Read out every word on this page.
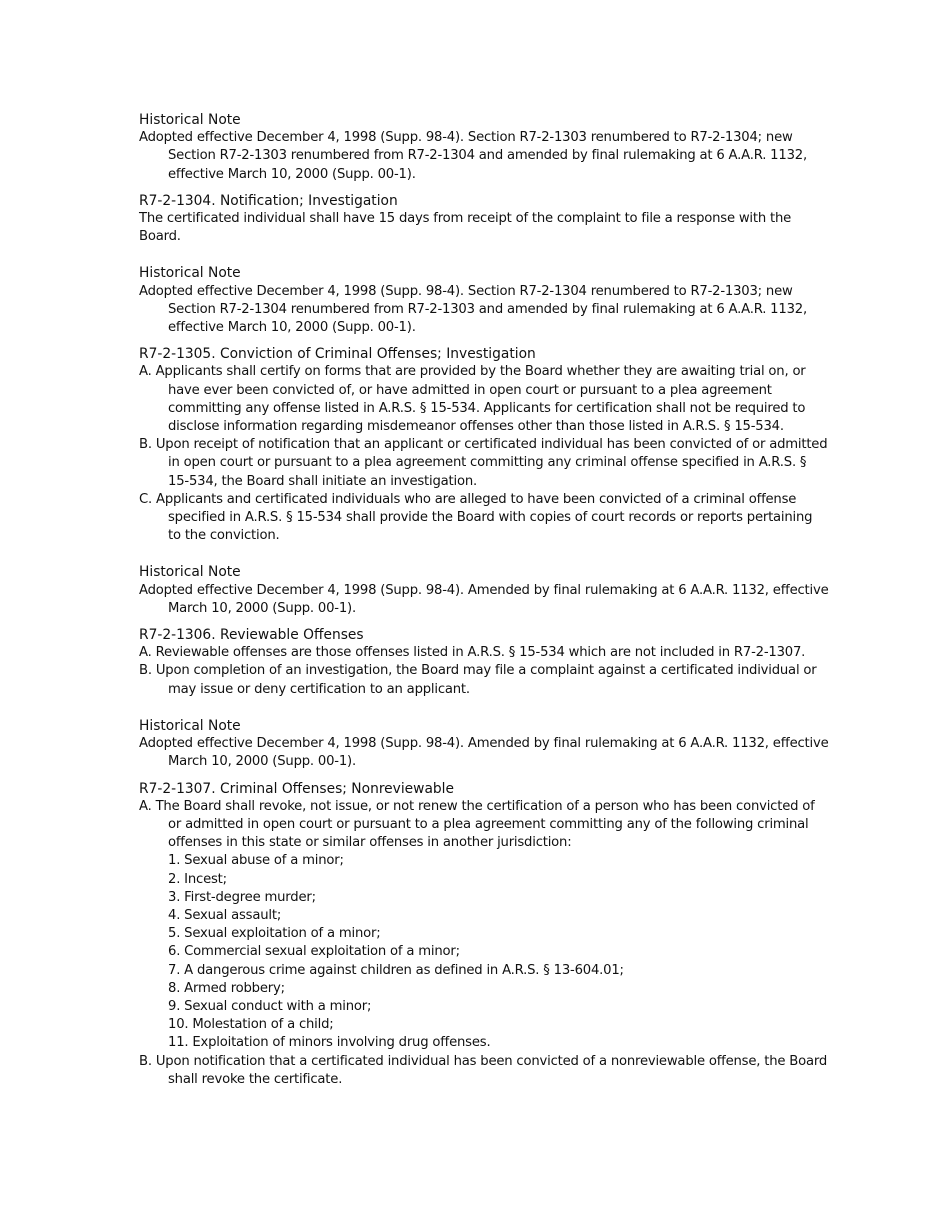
Historical Note

Adopted effective December 4, 1998 (Supp. 98-4). Section R7-2-1303 renumbered to R7-2-1304; new Section R7-2-1303 renumbered from R7-2-1304 and amended by final rulemaking at 6 A.A.R. 1132, effective March 10, 2000 (Supp. 00-1).

R7-2-1304. Notification; Investigation

The certificated individual shall have 15 days from receipt of the complaint to file a response with the Board.

Historical Note

Adopted effective December 4, 1998 (Supp. 98-4). Section R7-2-1304 renumbered to R7-2-1303; new Section R7-2-1304 renumbered from R7-2-1303 and amended by final rulemaking at 6 A.A.R. 1132, effective March 10, 2000 (Supp. 00-1).

R7-2-1305. Conviction of Criminal Offenses; Investigation

A. Applicants shall certify on forms that are provided by the Board whether they are awaiting trial on, or have ever been convicted of, or have admitted in open court or pursuant to a plea agreement committing any offense listed in A.R.S. § 15-534. Applicants for certification shall not be required to disclose information regarding misdemeanor offenses other than those listed in A.R.S. § 15-534.

B. Upon receipt of notification that an applicant or certificated individual has been convicted of or admitted in open court or pursuant to a plea agreement committing any criminal offense specified in A.R.S. § 15-534, the Board shall initiate an investigation.

C. Applicants and certificated individuals who are alleged to have been convicted of a criminal offense specified in A.R.S. § 15-534 shall provide the Board with copies of court records or reports pertaining to the conviction.

Historical Note

Adopted effective December 4, 1998 (Supp. 98-4). Amended by final rulemaking at 6 A.A.R. 1132, effective March 10, 2000 (Supp. 00-1).

R7-2-1306. Reviewable Offenses

A. Reviewable offenses are those offenses listed in A.R.S. § 15-534 which are not included in R7-2-1307.

B. Upon completion of an investigation, the Board may file a complaint against a certificated individual or may issue or deny certification to an applicant.

Historical Note

Adopted effective December 4, 1998 (Supp. 98-4). Amended by final rulemaking at 6 A.A.R. 1132, effective March 10, 2000 (Supp. 00-1).

R7-2-1307. Criminal Offenses; Nonreviewable

A. The Board shall revoke, not issue, or not renew the certification of a person who has been convicted of or admitted in open court or pursuant to a plea agreement committing any of the following criminal offenses in this state or similar offenses in another jurisdiction:

1. Sexual abuse of a minor;

2. Incest;

3. First-degree murder;

4. Sexual assault;

5. Sexual exploitation of a minor;

6. Commercial sexual exploitation of a minor;

7. A dangerous crime against children as defined in A.R.S. § 13-604.01;

8. Armed robbery;

9. Sexual conduct with a minor;

10. Molestation of a child;

11. Exploitation of minors involving drug offenses.

B. Upon notification that a certificated individual has been convicted of a nonreviewable offense, the Board shall revoke the certificate.
